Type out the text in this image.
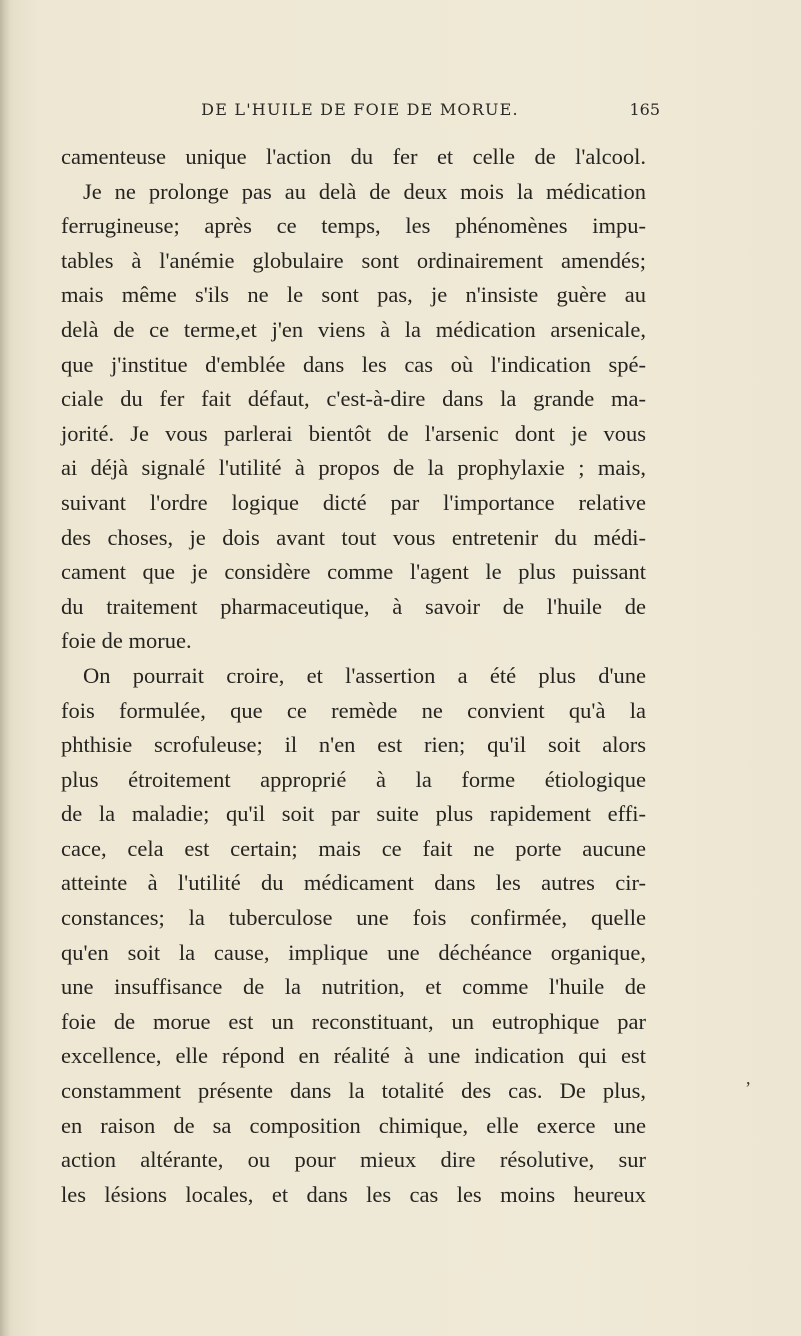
DE L'HUILE DE FOIE DE MORUE.	165
camenteuse unique l'action du fer et celle de l'alcool.
Je ne prolonge pas au delà de deux mois la médication
ferrugineuse; après ce temps, les phénomènes impu-
tables à l'anémie globulaire sont ordinairement amendés;
mais même s'ils ne le sont pas, je n'insiste guère au
delà de ce terme,et j'en viens à la médication arsenicale,
que j'institue d'emblée dans les cas où l'indication spé-
ciale du fer fait défaut, c'est-à-dire dans la grande ma-
jorité. Je vous parlerai bientôt de l'arsenic dont je vous
ai déjà signalé l'utilité à propos de la prophylaxie ; mais,
suivant l'ordre logique dicté par l'importance relative
des choses, je dois avant tout vous entretenir du médi-
cament que je considère comme l'agent le plus puissant
du traitement pharmaceutique, à savoir de l'huile de
foie de morue.
On pourrait croire, et l'assertion a été plus d'une
fois formulée, que ce remède ne convient qu'à la
phthisie scrofuleuse; il n'en est rien; qu'il soit alors
plus étroitement approprié à la forme étiologique
de la maladie; qu'il soit par suite plus rapidement effi-
cace, cela est certain; mais ce fait ne porte aucune
atteinte à l'utilité du médicament dans les autres cir-
constances; la tuberculose une fois confirmée, quelle
qu'en soit la cause, implique une déchéance organique,
une insuffisance de la nutrition, et comme l'huile de
foie de morue est un reconstituant, un eutrophique par
excellence, elle répond en réalité à une indication qui est
constamment présente dans la totalité des cas. De plus,
en raison de sa composition chimique, elle exerce une
action altérante, ou pour mieux dire résolutive, sur
les lésions locales, et dans les cas les moins heureux
,
